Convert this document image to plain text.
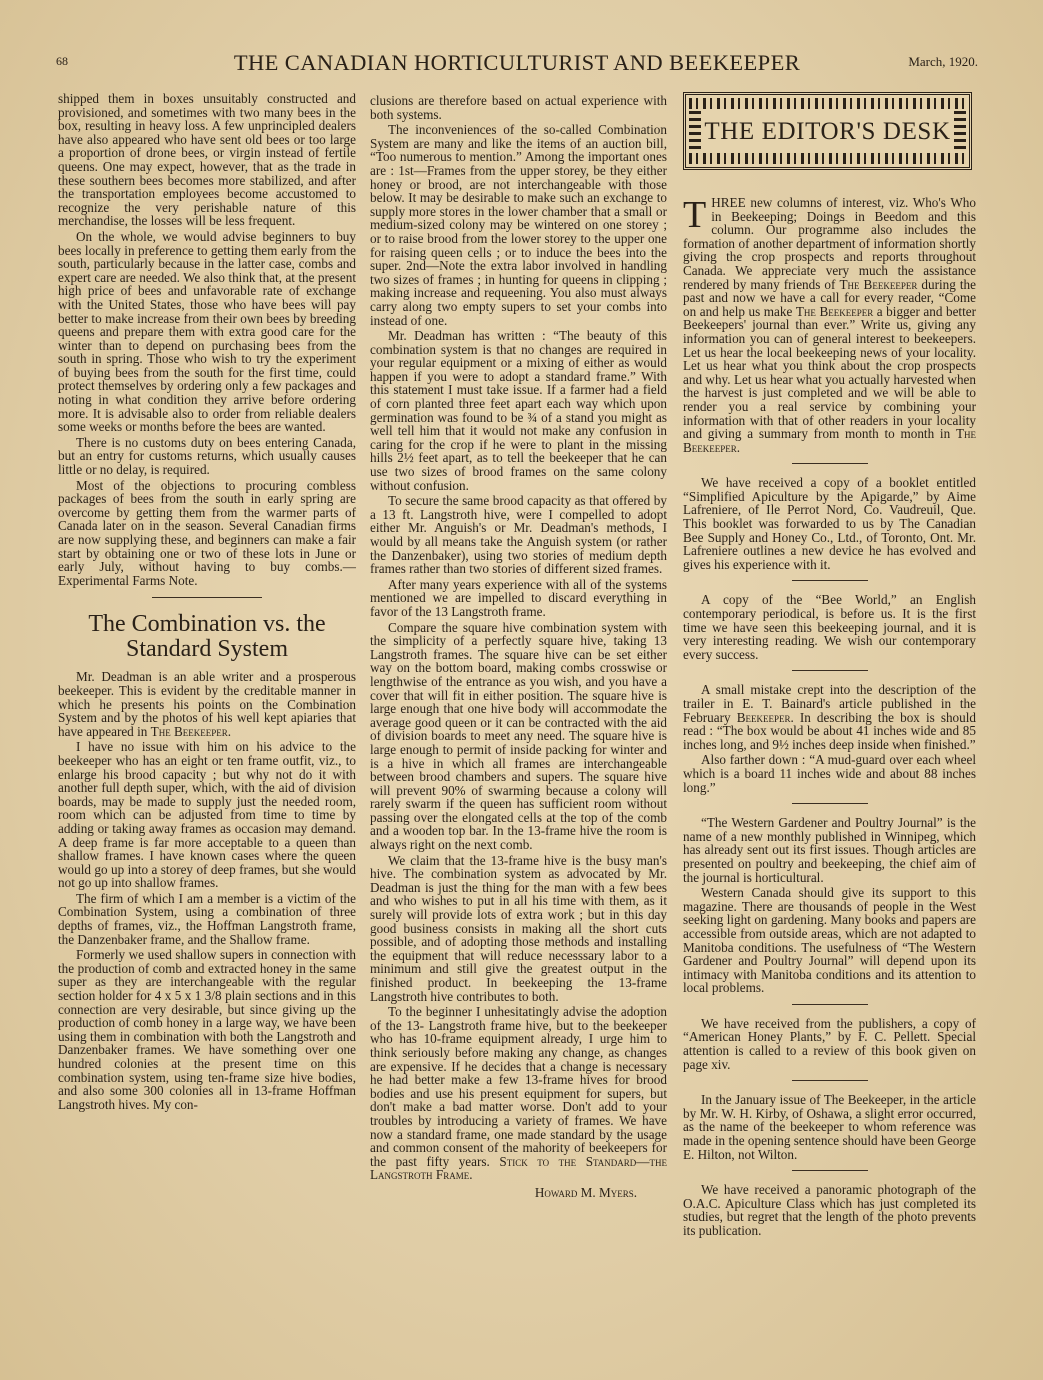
68	THE CANADIAN HORTICULTURIST AND BEEKEEPER	March, 1920.

shipped them in boxes unsuitably constructed and provisioned, and sometimes with two many bees in the box, resulting in heavy loss. A few unprincipled dealers have also appeared who have sent old bees or too large a proportion of drone bees, or virgin instead of fertile queens. One may expect, however, that as the trade in these southern bees becomes more stabilized, and after the transportation employees become accustomed to recognize the very perishable nature of this merchandise, the losses will be less frequent.

On the whole, we would advise beginners to buy bees locally in preference to getting them early from the south, particularly because in the latter case, combs and expert care are needed. We also think that, at the present high price of bees and unfavorable rate of exchange with the United States, those who have bees will pay better to make increase from their own bees by breeding queens and prepare them with extra good care for the winter than to depend on purchasing bees from the south in spring. Those who wish to try the experiment of buying bees from the south for the first time, could protect themselves by ordering only a few packages and noting in what condition they arrive before ordering more. It is advisable also to order from reliable dealers some weeks or months before the bees are wanted.

There is no customs duty on bees entering Canada, but an entry for customs returns, which usually causes little or no delay, is required.

Most of the objections to procuring combless packages of bees from the south in early spring are overcome by getting them from the warmer parts of Canada later on in the season. Several Canadian firms are now supplying these, and beginners can make a fair start by obtaining one or two of these lots in June or early July, without having to buy combs.—Experimental Farms Note.

The Combination vs. the Standard System

Mr. Deadman is an able writer and a prosperous beekeeper. This is evident by the creditable manner in which he presents his points on the Combination System and by the photos of his well kept apiaries that have appeared in The Beekeeper.

I have no issue with him on his advice to the beekeeper who has an eight or ten frame outfit, viz., to enlarge his brood capacity ; but why not do it with another full depth super, which, with the aid of division boards, may be made to supply just the needed room, room which can be adjusted from time to time by adding or taking away frames as occasion may demand. A deep frame is far more acceptable to a queen than shallow frames. I have known cases where the queen would go up into a storey of deep frames, but she would not go up into shallow frames.

The firm of which I am a member is a victim of the Combination System, using a combination of three depths of frames, viz., the Hoffman Langstroth frame, the Danzenbaker frame, and the Shallow frame.

Formerly we used shallow supers in connection with the production of comb and extracted honey in the same super as they are interchangeable with the regular section holder for 4 x 5 x 1 3/8 plain sections and in this connection are very desirable, but since giving up the production of comb honey in a large way, we have been using them in combination with both the Langstroth and Danzenbaker frames. We have something over one hundred colonies at the present time on this combination system, using ten-frame size hive bodies, and also some 300 colonies all in 13-frame Hoffman Langstroth hives. My con-

clusions are therefore based on actual experience with both systems.

The inconveniences of the so-called Combination System are many and like the items of an auction bill, “Too numerous to mention.” Among the important ones are : 1st—Frames from the upper storey, be they either honey or brood, are not interchangeable with those below. It may be desirable to make such an exchange to supply more stores in the lower chamber that a small or medium-sized colony may be wintered on one storey ; or to raise brood from the lower storey to the upper one for raising queen cells ; or to induce the bees into the super. 2nd—Note the extra labor involved in handling two sizes of frames ; in hunting for queens in clipping ; making increase and requeening. You also must always carry along two empty supers to set your combs into instead of one.

Mr. Deadman has written : “The beauty of this combination system is that no changes are required in your regular equipment or a mixing of either as would happen if you were to adopt a standard frame.” With this statement I must take issue. If a farmer had a field of corn planted three feet apart each way which upon germination was found to be ¾ of a stand you might as well tell him that it would not make any confusion in caring for the crop if he were to plant in the missing hills 2½ feet apart, as to tell the beekeeper that he can use two sizes of brood frames on the same colony without confusion.

To secure the same brood capacity as that offered by a 13 ft. Langstroth hive, were I compelled to adopt either Mr. Anguish's or Mr. Deadman's methods, I would by all means take the Anguish system (or rather the Danzenbaker), using two stories of medium depth frames rather than two stories of different sized frames.

After many years experience with all of the systems mentioned we are impelled to discard everything in favor of the 13 Langstroth frame.

Compare the square hive combination system with the simplicity of a perfectly square hive, taking 13 Langstroth frames. The square hive can be set either way on the bottom board, making combs crosswise or lengthwise of the entrance as you wish, and you have a cover that will fit in either position. The square hive is large enough that one hive body will accommodate the average good queen or it can be contracted with the aid of division boards to meet any need. The square hive is large enough to permit of inside packing for winter and is a hive in which all frames are interchangeable between brood chambers and supers. The square hive will prevent 90% of swarming because a colony will rarely swarm if the queen has sufficient room without passing over the elongated cells at the top of the comb and a wooden top bar. In the 13-frame hive the room is always right on the next comb.

We claim that the 13-frame hive is the busy man's hive. The combination system as advocated by Mr. Deadman is just the thing for the man with a few bees and who wishes to put in all his time with them, as it surely will provide lots of extra work ; but in this day good business consists in making all the short cuts possible, and of adopting those methods and installing the equipment that will reduce necesssary labor to a minimum and still give the greatest output in the finished product. In beekeeping the 13-frame Langstroth hive contributes to both.

To the beginner I unhesitatingly advise the adoption of the 13- Langstroth frame hive, but to the beekeeper who has 10-frame equipment already, I urge him to think seriously before making any change, as changes are expensive. If he decides that a change is necessary he had better make a few 13-frame hives for brood bodies and use his present equipment for supers, but don't make a bad matter worse. Don't add to your troubles by introducing a variety of frames. We have now a standard frame, one made standard by the usage and common consent of the mahority of beekeepers for the past fifty years. Stick to the Standard—the Langstroth Frame.

Howard M. Myers.
THE EDITOR'S DESK

THREE new columns of interest, viz. Who's Who in Beekeeping; Doings in Beedom and this column. Our programme also includes the formation of another department of information shortly giving the crop prospects and reports throughout Canada. We appreciate very much the assistance rendered by many friends of The Beekeeper during the past and now we have a call for every reader, “Come on and help us make The Beekeeper a bigger and better Beekeepers' journal than ever.” Write us, giving any information you can of general interest to beekeepers. Let us hear the local beekeeping news of your locality. Let us hear what you think about the crop prospects and why. Let us hear what you actually harvested when the harvest is just completed and we will be able to render you a real service by combining your information with that of other readers in your locality and giving a summary from month to month in The Beekeeper.

We have received a copy of a booklet entitled “Simplified Apiculture by the Apigarde,” by Aime Lafreniere, of Ile Perrot Nord, Co. Vaudreuil, Que. This booklet was forwarded to us by The Canadian Bee Supply and Honey Co., Ltd., of Toronto, Ont. Mr. Lafreniere outlines a new device he has evolved and gives his experience with it.

A copy of the “Bee World,” an English contemporary periodical, is before us. It is the first time we have seen this beekeeping journal, and it is very interesting reading. We wish our contemporary every success.

A small mistake crept into the description of the trailer in E. T. Bainard's article published in the February Beekeeper. In describing the box is should read : “The box would be about 41 inches wide and 85 inches long, and 9½ inches deep inside when finished.”

Also farther down : “A mud-guard over each wheel which is a board 11 inches wide and about 88 inches long.”

“The Western Gardener and Poultry Journal” is the name of a new monthly published in Winnipeg, which has already sent out its first issues. Though articles are presented on poultry and beekeeping, the chief aim of the journal is horticultural.

Western Canada should give its support to this magazine. There are thousands of people in the West seeking light on gardening. Many books and papers are accessible from outside areas, which are not adapted to Manitoba conditions. The usefulness of “The Western Gardener and Poultry Journal” will depend upon its intimacy with Manitoba conditions and its attention to local problems.

We have received from the publishers, a copy of “American Honey Plants,” by F. C. Pellett. Special attention is called to a review of this book given on page xiv.

In the January issue of The Beekeeper, in the article by Mr. W. H. Kirby, of Oshawa, a slight error occurred, as the name of the beekeeper to whom reference was made in the opening sentence should have been George E. Hilton, not Wilton.

We have received a panoramic photograph of the O.A.C. Apiculture Class which has just completed its studies, but regret that the length of the photo prevents its publication.
